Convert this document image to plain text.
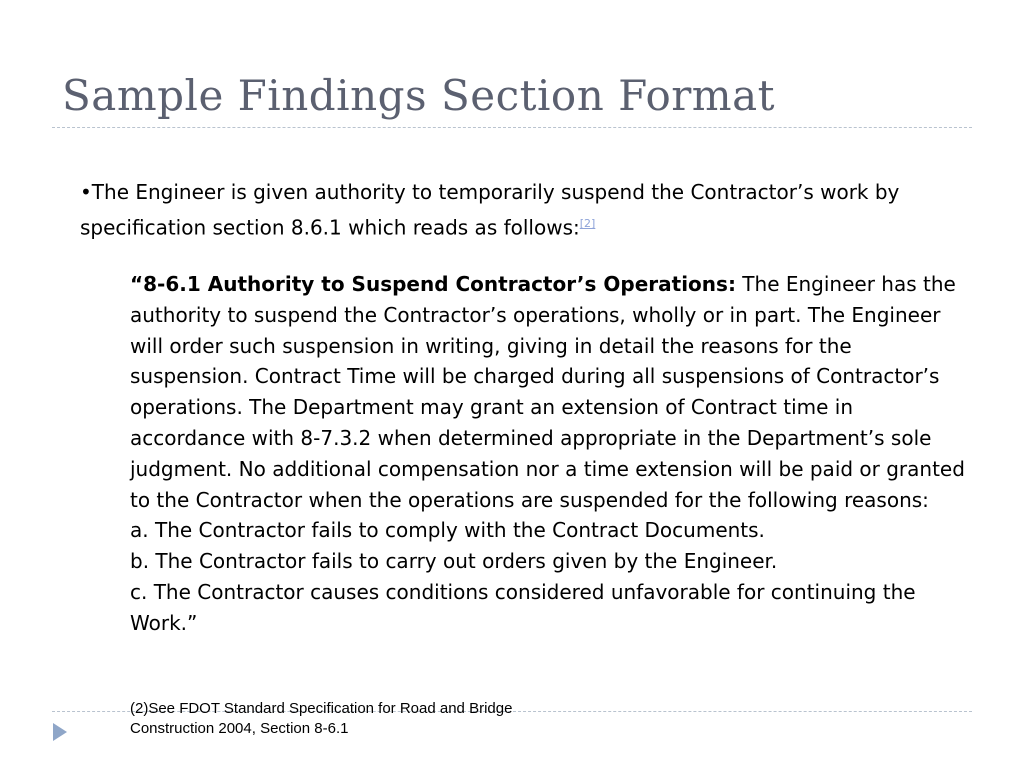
Sample Findings Section Format

•The Engineer is given authority to temporarily suspend the Contractor’s work by specification section 8.6.1 which reads as follows:[2]

“8-6.1 Authority to Suspend Contractor’s Operations: The Engineer has the authority to suspend the Contractor’s operations, wholly or in part. The Engineer will order such suspension in writing, giving in detail the reasons for the suspension. Contract Time will be charged during all suspensions of Contractor’s operations. The Department may grant an extension of Contract time in accordance with 8-7.3.2 when determined appropriate in the Department’s sole judgment. No additional compensation nor a time extension will be paid or granted to the Contractor when the operations are suspended for the following reasons:

a. The Contractor fails to comply with the Contract Documents.

b. The Contractor fails to carry out orders given by the Engineer.

c. The Contractor causes conditions considered unfavorable for continuing the Work.”

(2)See FDOT Standard Specification for Road and Bridge
Construction 2004, Section 8-6.1
